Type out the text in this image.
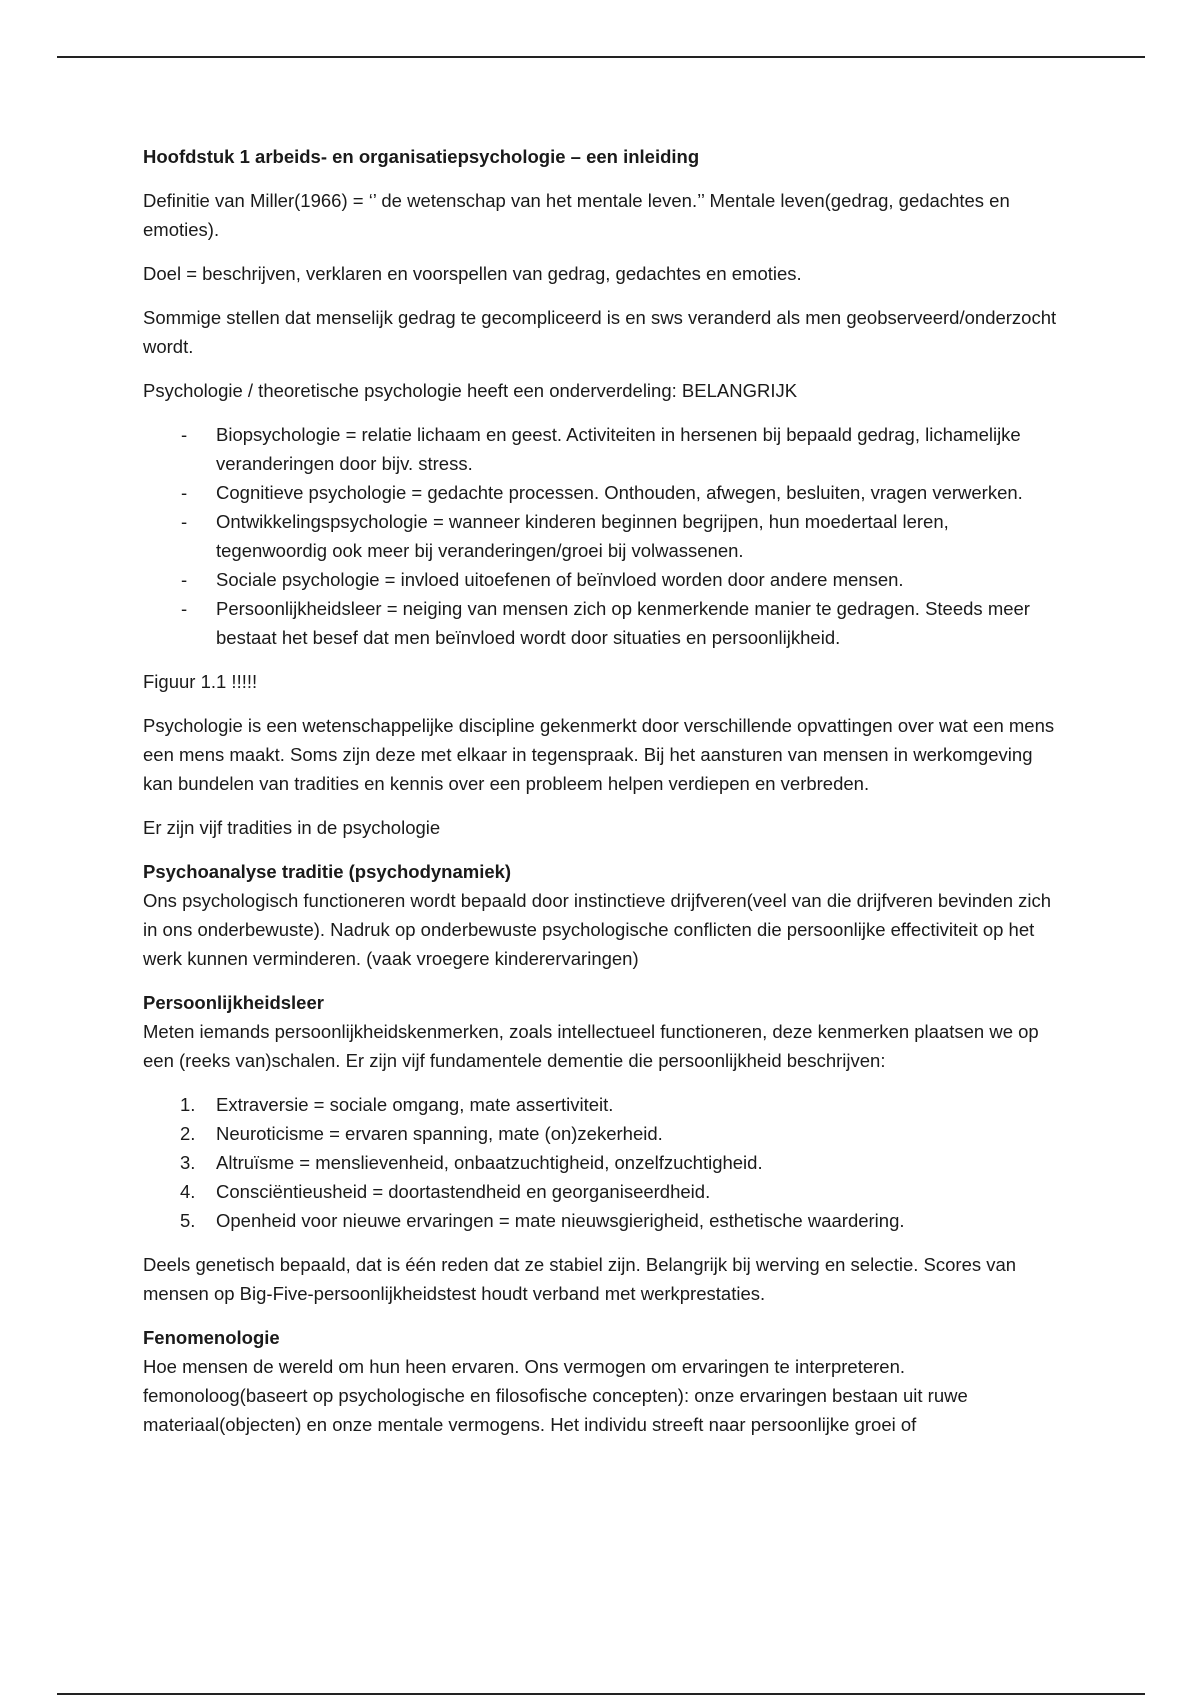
Hoofdstuk 1 arbeids- en organisatiepsychologie – een inleiding

Definitie van Miller(1966) = ‘’ de wetenschap van het mentale leven.’’ Mentale leven(gedrag, gedachtes en emoties).

Doel = beschrijven, verklaren en voorspellen van gedrag, gedachtes en emoties.

Sommige stellen dat menselijk gedrag te gecompliceerd is en sws veranderd als men geobserveerd/onderzocht wordt.

Psychologie / theoretische psychologie heeft een onderverdeling: BELANGRIJK

- Biopsychologie = relatie lichaam en geest. Activiteiten in hersenen bij bepaald gedrag, lichamelijke veranderingen door bijv. stress.
- Cognitieve psychologie = gedachte processen. Onthouden, afwegen, besluiten, vragen verwerken.
- Ontwikkelingspsychologie = wanneer kinderen beginnen begrijpen, hun moedertaal leren, tegenwoordig ook meer bij veranderingen/groei bij volwassenen.
- Sociale psychologie = invloed uitoefenen of beïnvloed worden door andere mensen.
- Persoonlijkheidsleer = neiging van mensen zich op kenmerkende manier te gedragen. Steeds meer bestaat het besef dat men beïnvloed wordt door situaties en persoonlijkheid.

Figuur 1.1 !!!!!

Psychologie is een wetenschappelijke discipline gekenmerkt door verschillende opvattingen over wat een mens een mens maakt. Soms zijn deze met elkaar in tegenspraak. Bij het aansturen van mensen in werkomgeving kan bundelen van tradities en kennis over een probleem helpen verdiepen en verbreden.

Er zijn vijf tradities in de psychologie

Psychoanalyse traditie (psychodynamiek)

Ons psychologisch functioneren wordt bepaald door instinctieve drijfveren(veel van die drijfveren bevinden zich in ons onderbewuste). Nadruk op onderbewuste psychologische conflicten die persoonlijke effectiviteit op het werk kunnen verminderen. (vaak vroegere kinderervaringen)

Persoonlijkheidsleer

Meten iemands persoonlijkheidskenmerken, zoals intellectueel functioneren, deze kenmerken plaatsen we op een (reeks van)schalen. Er zijn vijf fundamentele dementie die persoonlijkheid beschrijven:

1. Extraversie = sociale omgang, mate assertiviteit.
2. Neuroticisme = ervaren spanning, mate (on)zekerheid.
3. Altruïsme = menslievenheid, onbaatzuchtigheid, onzelfzuchtigheid.
4. Consciëntieusheid = doortastendheid en georganiseerdheid.
5. Openheid voor nieuwe ervaringen = mate nieuwsgierigheid, esthetische waardering.

Deels genetisch bepaald, dat is één reden dat ze stabiel zijn. Belangrijk bij werving en selectie. Scores van mensen op Big-Five-persoonlijkheidstest houdt verband met werkprestaties.

Fenomenologie

Hoe mensen de wereld om hun heen ervaren. Ons vermogen om ervaringen te interpreteren. femonoloog(baseert op psychologische en filosofische concepten): onze ervaringen bestaan uit ruwe materiaal(objecten) en onze mentale vermogens. Het individu streeft naar persoonlijke groei of
